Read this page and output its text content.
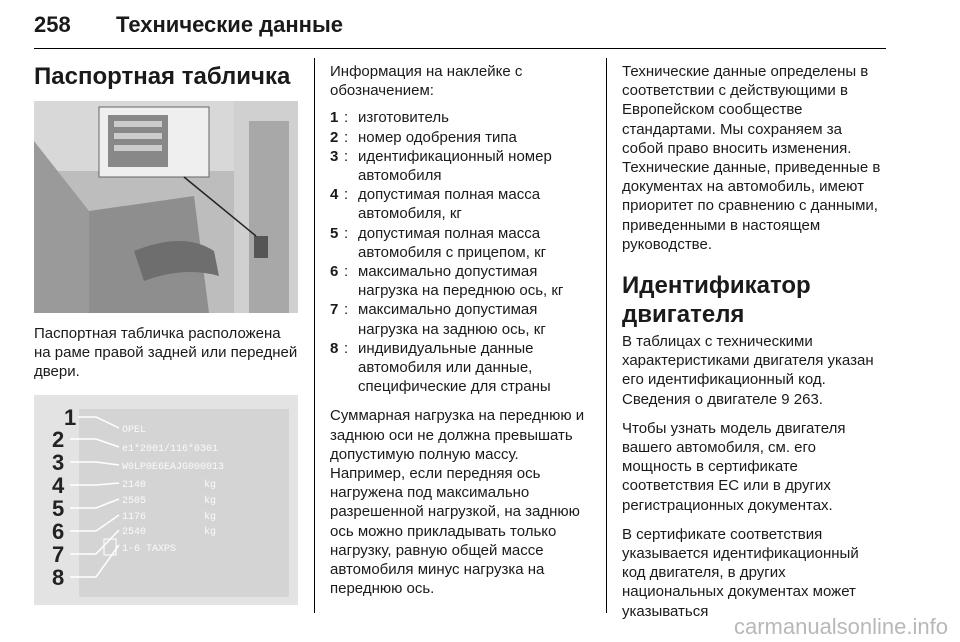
258 Технические данные
Паспортная табличка

Паспортная табличка расположена на раме правой задней или передней двери.

1
2
3
4
5
6
7
8
OPEL
e1*2001/116*0301
W0LP0E6EAJG000013
2140
2505
1176
2540
1-6 TAXPS
kg
kg
kg
kg

Информация на наклейке с обозначением:

1 : изготовитель
2 : номер одобрения типа
3 : идентификационный номер автомобиля
4 : допустимая полная масса автомобиля, кг
5 : допустимая полная масса автомобиля с прицепом, кг
6 : максимально допустимая нагрузка на переднюю ось, кг
7 : максимально допустимая нагрузка на заднюю ось, кг
8 : индивидуальные данные автомобиля или данные, специфические для страны

Суммарная нагрузка на переднюю и заднюю оси не должна превышать допустимую полную массу. Например, если передняя ось нагружена под максимально разрешенной нагрузкой, на заднюю ось можно прикладывать только нагрузку, равную общей массе автомобиля минус нагрузка на переднюю ось.

Технические данные определены в соответствии с действующими в Европейском сообществе стандартами. Мы сохраняем за собой право вносить изменения. Технические данные, приведенные в документах на автомобиль, имеют приоритет по сравнению с данными, приведенными в настоящем руководстве.

Идентификатор двигателя

В таблицах с техническими характеристиками двигателя указан его идентификационный код. Сведения о двигателе 9 263.

Чтобы узнать модель двигателя вашего автомобиля, см. его мощность в сертификате соответствия ЕС или в других регистрационных документах.

В сертификате соответствия указывается идентификационный код двигателя, в других национальных документах может указываться

carmanualsonline.info
